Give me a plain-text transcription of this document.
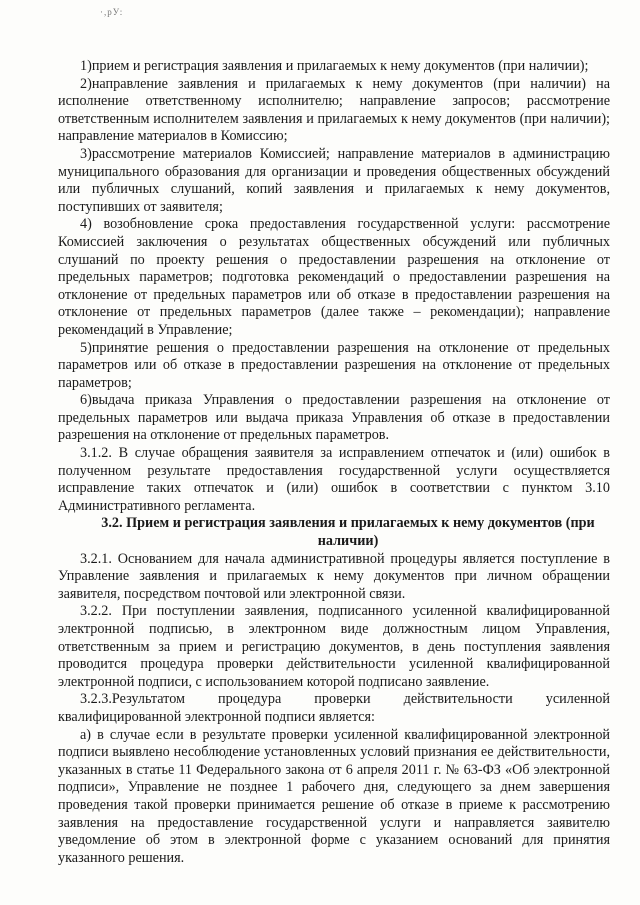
·,рУ:

1)прием и регистрация заявления и прилагаемых к нему документов (при наличии);

2)направление заявления и прилагаемых к нему документов (при наличии) на исполнение ответственному исполнителю; направление запросов; рассмотрение ответственным исполнителем заявления и прилагаемых к нему документов (при наличии); направление материалов в Комиссию;

3)рассмотрение материалов Комиссией; направление материалов в администрацию муниципального образования для организации и проведения общественных обсуждений или публичных слушаний, копий заявления и прилагаемых к нему документов, поступивших от заявителя;

4) возобновление срока предоставления государственной услуги: рассмотрение Комиссией заключения о результатах общественных обсуждений или публичных слушаний по проекту решения о предоставлении разрешения на отклонение от предельных параметров; подготовка рекомендаций о предоставлении разрешения на отклонение от предельных параметров или об отказе в предоставлении разрешения на отклонение от предельных параметров (далее также – рекомендации); направление рекомендаций в Управление;

5)принятие решения о предоставлении разрешения на отклонение от предельных параметров или об отказе в предоставлении разрешения на отклонение от предельных параметров;

6)выдача приказа Управления о предоставлении разрешения на отклонение от предельных параметров или выдача приказа Управления об отказе в предоставлении разрешения на отклонение от предельных параметров.

3.1.2. В случае обращения заявителя за исправлением отпечаток и (или) ошибок в полученном результате предоставления государственной услуги осуществляется исправление таких отпечаток и (или) ошибок в соответствии с пунктом 3.10 Административного регламента.

3.2. Прием и регистрация заявления и прилагаемых к нему документов (при наличии)

3.2.1. Основанием для начала административной процедуры является поступление в Управление заявления и прилагаемых к нему документов при личном обращении заявителя, посредством почтовой или электронной связи.

3.2.2. При поступлении заявления, подписанного усиленной квалифицированной электронной подписью, в электронном виде должностным лицом Управления, ответственным за прием и регистрацию документов, в день поступления заявления проводится процедура проверки действительности усиленной квалифицированной электронной подписи, с использованием которой подписано заявление.

3.2.3.Результатом процедура проверки действительности усиленной квалифицированной электронной подписи является:

а) в случае если в результате проверки усиленной квалифицированной электронной подписи выявлено несоблюдение установленных условий признания ее действительности, указанных в статье 11 Федерального закона от 6 апреля 2011 г. № 63-ФЗ «Об электронной подписи», Управление не позднее 1 рабочего дня, следующего за днем завершения проведения такой проверки принимается решение об отказе в приеме к рассмотрению заявления на предоставление государственной услуги и направляется заявителю уведомление об этом в электронной форме с указанием оснований для принятия указанного решения.
